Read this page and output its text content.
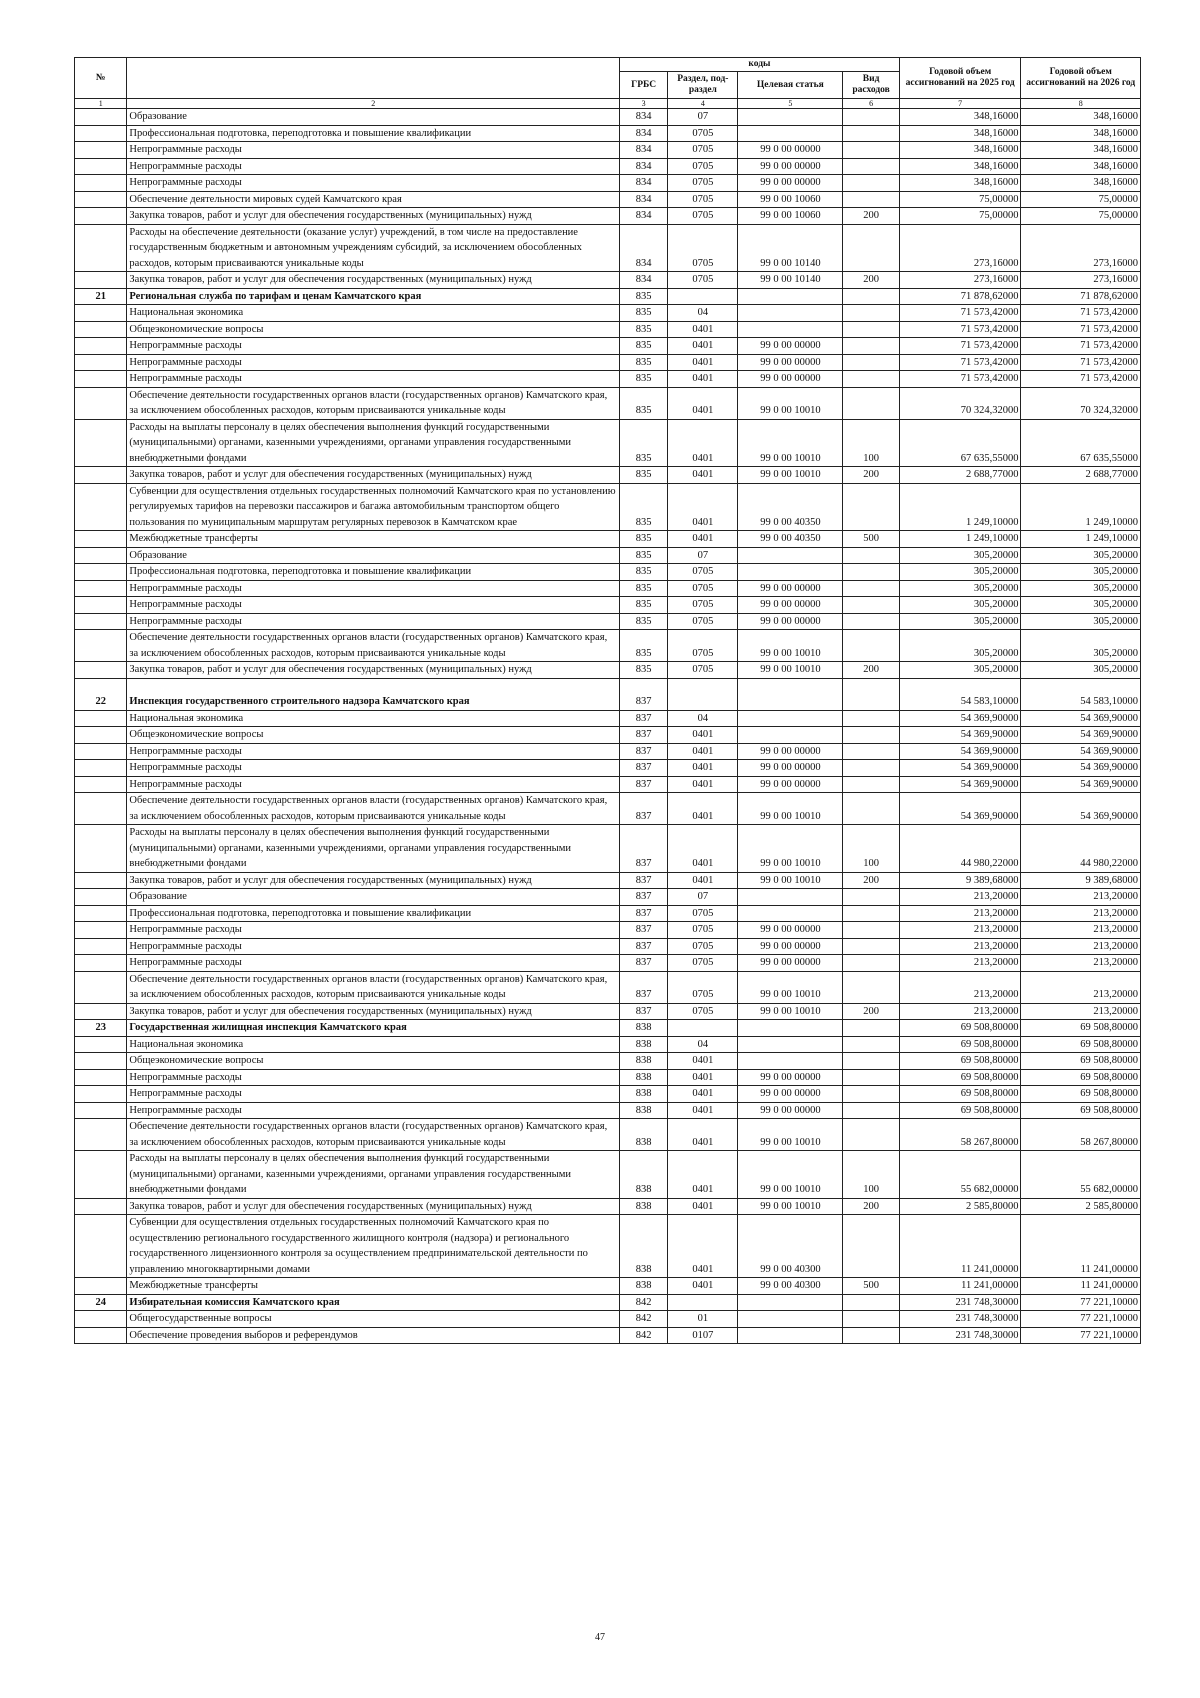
№		коды				Годовой объем ассигнований на 2025 год	Годовой объем ассигнований на 2026 год
		ГРБС	Раздел, под-раздел	Целевая статья	Вид расходов		
1	2	3	4	5	6	7	8
	Образование	834	07			348,16000	348,16000
	Профессиональная подготовка, переподготовка и повышение квалификации	834	0705			348,16000	348,16000
	Непрограммные расходы	834	0705	99 0 00 00000		348,16000	348,16000
	Непрограммные расходы	834	0705	99 0 00 00000		348,16000	348,16000
	Непрограммные расходы	834	0705	99 0 00 00000		348,16000	348,16000
	Обеспечение деятельности мировых судей Камчатского края	834	0705	99 0 00 10060		75,00000	75,00000
	Закупка товаров, работ и услуг для обеспечения государственных (муниципальных) нужд	834	0705	99 0 00 10060	200	75,00000	75,00000
	Расходы на обеспечение деятельности (оказание услуг) учреждений, в том числе на предоставление государственным бюджетным и автономным учреждениям субсидий, за исключением обособленных расходов, которым присваиваются уникальные коды	834	0705	99 0 00 10140		273,16000	273,16000
	Закупка товаров, работ и услуг для обеспечения государственных (муниципальных) нужд	834	0705	99 0 00 10140	200	273,16000	273,16000
21	Региональная служба по тарифам и ценам Камчатского края	835				71 878,62000	71 878,62000
	Национальная экономика	835	04			71 573,42000	71 573,42000
	Общеэкономические вопросы	835	0401			71 573,42000	71 573,42000
	Непрограммные расходы	835	0401	99 0 00 00000		71 573,42000	71 573,42000
	Непрограммные расходы	835	0401	99 0 00 00000		71 573,42000	71 573,42000
	Непрограммные расходы	835	0401	99 0 00 00000		71 573,42000	71 573,42000
	Обеспечение деятельности государственных органов власти (государственных органов) Камчатского края, за исключением обособленных расходов, которым присваиваются уникальные коды	835	0401	99 0 00 10010		70 324,32000	70 324,32000
	Расходы на выплаты персоналу в целях обеспечения выполнения функций государственными (муниципальными) органами, казенными учреждениями, органами управления государственными внебюджетными фондами	835	0401	99 0 00 10010	100	67 635,55000	67 635,55000
	Закупка товаров, работ и услуг для обеспечения государственных (муниципальных) нужд	835	0401	99 0 00 10010	200	2 688,77000	2 688,77000
	Субвенции для осуществления отдельных государственных полномочий Камчатского края по установлению регулируемых тарифов на перевозки пассажиров и багажа автомобильным транспортом общего пользования по муниципальным маршрутам регулярных перевозок в Камчатском крае	835	0401	99 0 00 40350		1 249,10000	1 249,10000
	Межбюджетные трансферты	835	0401	99 0 00 40350	500	1 249,10000	1 249,10000
	Образование	835	07			305,20000	305,20000
	Профессиональная подготовка, переподготовка и повышение квалификации	835	0705			305,20000	305,20000
	Непрограммные расходы	835	0705	99 0 00 00000		305,20000	305,20000
	Непрограммные расходы	835	0705	99 0 00 00000		305,20000	305,20000
	Непрограммные расходы	835	0705	99 0 00 00000		305,20000	305,20000
	Обеспечение деятельности государственных органов власти (государственных органов) Камчатского края, за исключением обособленных расходов, которым присваиваются уникальные коды	835	0705	99 0 00 10010		305,20000	305,20000
	Закупка товаров, работ и услуг для обеспечения государственных (муниципальных) нужд	835	0705	99 0 00 10010	200	305,20000	305,20000
22	Инспекция государственного строительного надзора Камчатского края	837				54 583,10000	54 583,10000
	Национальная экономика	837	04			54 369,90000	54 369,90000
	Общеэкономические вопросы	837	0401			54 369,90000	54 369,90000
	Непрограммные расходы	837	0401	99 0 00 00000		54 369,90000	54 369,90000
	Непрограммные расходы	837	0401	99 0 00 00000		54 369,90000	54 369,90000
	Непрограммные расходы	837	0401	99 0 00 00000		54 369,90000	54 369,90000
	Обеспечение деятельности государственных органов власти (государственных органов) Камчатского края, за исключением обособленных расходов, которым присваиваются уникальные коды	837	0401	99 0 00 10010		54 369,90000	54 369,90000
	Расходы на выплаты персоналу в целях обеспечения выполнения функций государственными (муниципальными) органами, казенными учреждениями, органами управления государственными внебюджетными фондами	837	0401	99 0 00 10010	100	44 980,22000	44 980,22000
	Закупка товаров, работ и услуг для обеспечения государственных (муниципальных) нужд	837	0401	99 0 00 10010	200	9 389,68000	9 389,68000
	Образование	837	07			213,20000	213,20000
	Профессиональная подготовка, переподготовка и повышение квалификации	837	0705			213,20000	213,20000
	Непрограммные расходы	837	0705	99 0 00 00000		213,20000	213,20000
	Непрограммные расходы	837	0705	99 0 00 00000		213,20000	213,20000
	Непрограммные расходы	837	0705	99 0 00 00000		213,20000	213,20000
	Обеспечение деятельности государственных органов власти (государственных органов) Камчатского края, за исключением обособленных расходов, которым присваиваются уникальные коды	837	0705	99 0 00 10010		213,20000	213,20000
	Закупка товаров, работ и услуг для обеспечения государственных (муниципальных) нужд	837	0705	99 0 00 10010	200	213,20000	213,20000
23	Государственная жилищная инспекция Камчатского края	838				69 508,80000	69 508,80000
	Национальная экономика	838	04			69 508,80000	69 508,80000
	Общеэкономические вопросы	838	0401			69 508,80000	69 508,80000
	Непрограммные расходы	838	0401	99 0 00 00000		69 508,80000	69 508,80000
	Непрограммные расходы	838	0401	99 0 00 00000		69 508,80000	69 508,80000
	Непрограммные расходы	838	0401	99 0 00 00000		69 508,80000	69 508,80000
	Обеспечение деятельности государственных органов власти (государственных органов) Камчатского края, за исключением обособленных расходов, которым присваиваются уникальные коды	838	0401	99 0 00 10010		58 267,80000	58 267,80000
	Расходы на выплаты персоналу в целях обеспечения выполнения функций государственными (муниципальными) органами, казенными учреждениями, органами управления государственными внебюджетными фондами	838	0401	99 0 00 10010	100	55 682,00000	55 682,00000
	Закупка товаров, работ и услуг для обеспечения государственных (муниципальных) нужд	838	0401	99 0 00 10010	200	2 585,80000	2 585,80000
	Субвенции для осуществления отдельных государственных полномочий Камчатского края по осуществлению регионального государственного жилищного контроля (надзора) и регионального государственного лицензионного контроля за осуществлением предпринимательской деятельности по управлению многоквартирными домами	838	0401	99 0 00 40300		11 241,00000	11 241,00000
	Межбюджетные трансферты	838	0401	99 0 00 40300	500	11 241,00000	11 241,00000
24	Избирательная комиссия Камчатского края	842				231 748,30000	77 221,10000
	Общегосударственные вопросы	842	01			231 748,30000	77 221,10000
	Обеспечение проведения выборов и референдумов	842	0107			231 748,30000	77 221,10000
47
